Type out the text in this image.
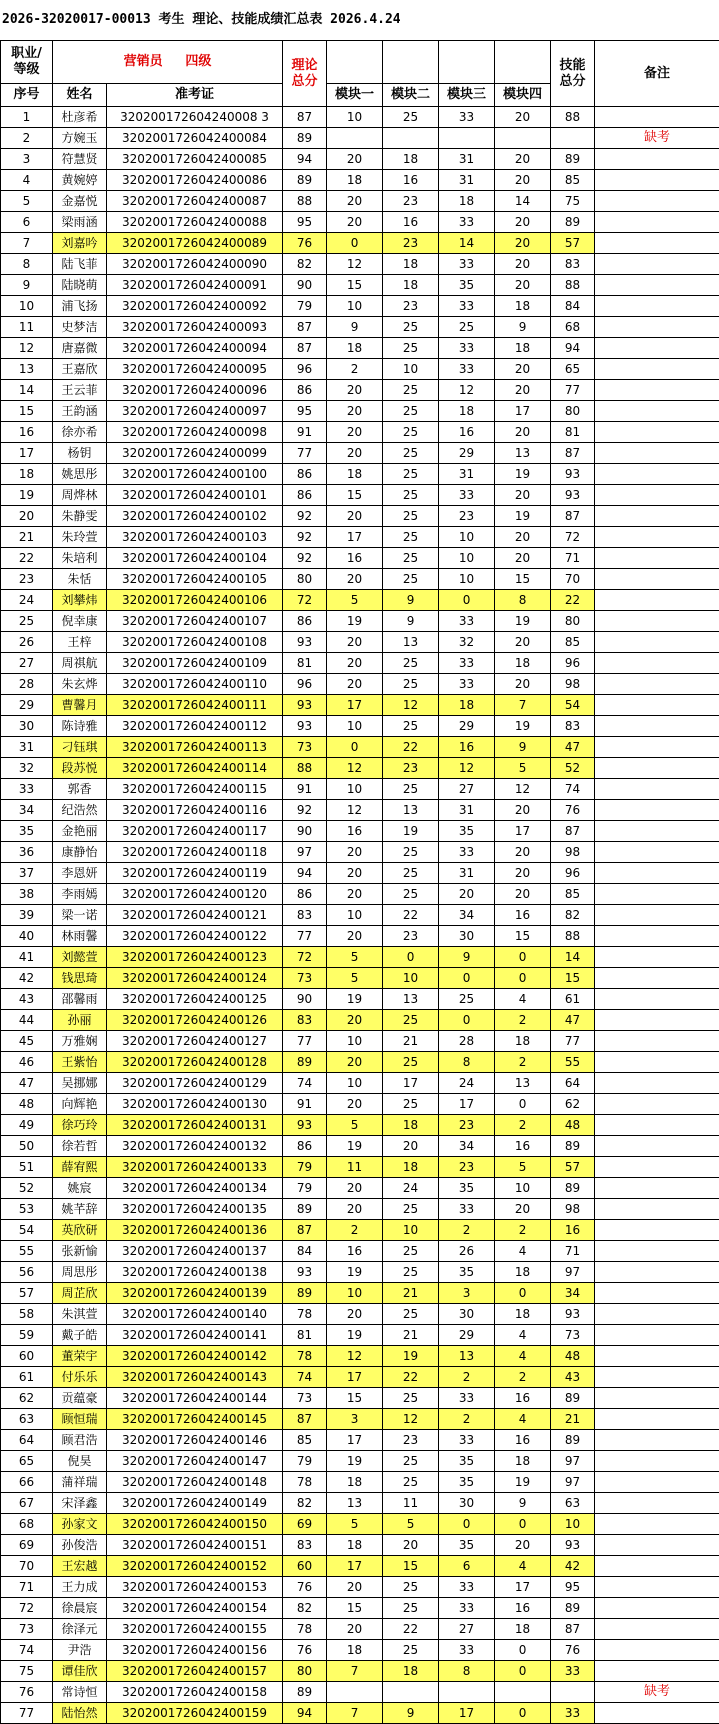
2026-32020017-00013 考生 理论、技能成绩汇总表 2026.4.24
职业/
等级	营销员 四级		理论
总分					技能
总分	备注
序号	姓名	准考证		模块一	模块二	模块三	模块四		
1	杜彦希	320200172604240008 3	87	10	25	33	20	88	
2	方婉玉	3202001726042400084	89						缺考
3	符慧贤	3202001726042400085	94	20	18	31	20	89	
4	黄婉婷	3202001726042400086	89	18	16	31	20	85	
5	金嘉悦	3202001726042400087	88	20	23	18	14	75	
6	梁雨涵	3202001726042400088	95	20	16	33	20	89	
7	刘嘉吟	3202001726042400089	76	0	23	14	20	57	
8	陆飞菲	3202001726042400090	82	12	18	33	20	83	
9	陆晓萌	3202001726042400091	90	15	18	35	20	88	
10	浦飞扬	3202001726042400092	79	10	23	33	18	84	
11	史梦洁	3202001726042400093	87	9	25	25	9	68	
12	唐嘉微	3202001726042400094	87	18	25	33	18	94	
13	王嘉欣	3202001726042400095	96	2	10	33	20	65	
14	王云菲	3202001726042400096	86	20	25	12	20	77	
15	王韵涵	3202001726042400097	95	20	25	18	17	80	
16	徐亦希	3202001726042400098	91	20	25	16	20	81	
17	杨钥	3202001726042400099	77	20	25	29	13	87	
18	姚思彤	3202001726042400100	86	18	25	31	19	93	
19	周烨林	3202001726042400101	86	15	25	33	20	93	
20	朱静雯	3202001726042400102	92	20	25	23	19	87	
21	朱玲萱	3202001726042400103	92	17	25	10	20	72	
22	朱培利	3202001726042400104	92	16	25	10	20	71	
23	朱恬	3202001726042400105	80	20	25	10	15	70	
24	刘攀炜	3202001726042400106	72	5	9	0	8	22	
25	倪幸康	3202001726042400107	86	19	9	33	19	80	
26	王梓	3202001726042400108	93	20	13	32	20	85	
27	周祺航	3202001726042400109	81	20	25	33	18	96	
28	朱玄烨	3202001726042400110	96	20	25	33	20	98	
29	曹馨月	3202001726042400111	93	17	12	18	7	54	
30	陈诗雅	3202001726042400112	93	10	25	29	19	83	
31	刁钰琪	3202001726042400113	73	0	22	16	9	47	
32	段苏悦	3202001726042400114	88	12	23	12	5	52	
33	郭香	3202001726042400115	91	10	25	27	12	74	
34	纪浩然	3202001726042400116	92	12	13	31	20	76	
35	金艳丽	3202001726042400117	90	16	19	35	17	87	
36	康静怡	3202001726042400118	97	20	25	33	20	98	
37	李恩妍	3202001726042400119	94	20	25	31	20	96	
38	李雨嫣	3202001726042400120	86	20	25	20	20	85	
39	梁一诺	3202001726042400121	83	10	22	34	16	82	
40	林雨馨	3202001726042400122	77	20	23	30	15	88	
41	刘懿萱	3202001726042400123	72	5	0	9	0	14	
42	钱思琦	3202001726042400124	73	5	10	0	0	15	
43	邵馨雨	3202001726042400125	90	19	13	25	4	61	
44	孙丽	3202001726042400126	83	20	25	0	2	47	
45	万雅娴	3202001726042400127	77	10	21	28	18	77	
46	王紫怡	3202001726042400128	89	20	25	8	2	55	
47	吴挪娜	3202001726042400129	74	10	17	24	13	64	
48	向辉艳	3202001726042400130	91	20	25	17	0	62	
49	徐巧玲	3202001726042400131	93	5	18	23	2	48	
50	徐若哲	3202001726042400132	86	19	20	34	16	89	
51	薛宥熙	3202001726042400133	79	11	18	23	5	57	
52	姚宸	3202001726042400134	79	20	24	35	10	89	
53	姚芊辞	3202001726042400135	89	20	25	33	20	98	
54	英欣研	3202001726042400136	87	2	10	2	2	16	
55	张新愉	3202001726042400137	84	16	25	26	4	71	
56	周思彤	3202001726042400138	93	19	25	35	18	97	
57	周芷欣	3202001726042400139	89	10	21	3	0	34	
58	朱淇萱	3202001726042400140	78	20	25	30	18	93	
59	戴子皓	3202001726042400141	81	19	21	29	4	73	
60	董荣宇	3202001726042400142	78	12	19	13	4	48	
61	付乐乐	3202001726042400143	74	17	22	2	2	43	
62	贡蕴豪	3202001726042400144	73	15	25	33	16	89	
63	顾恒瑞	3202001726042400145	87	3	12	2	4	21	
64	顾君浩	3202001726042400146	85	17	23	33	16	89	
65	倪昊	3202001726042400147	79	19	25	35	18	97	
66	蒲祥瑞	3202001726042400148	78	18	25	35	19	97	
67	宋泽鑫	3202001726042400149	82	13	11	30	9	63	
68	孙家文	3202001726042400150	69	5	5	0	0	10	
69	孙俊浩	3202001726042400151	83	18	20	35	20	93	
70	王宏越	3202001726042400152	60	17	15	6	4	42	
71	王力成	3202001726042400153	76	20	25	33	17	95	
72	徐晨宸	3202001726042400154	82	15	25	33	16	89	
73	徐泽元	3202001726042400155	78	20	22	27	18	87	
74	尹浩	3202001726042400156	76	18	25	33	0	76	
75	谭佳欣	3202001726042400157	80	7	18	8	0	33	
76	常诗恒	3202001726042400158	89						缺考
77	陆怡然	3202001726042400159	94	7	9	17	0	33	
